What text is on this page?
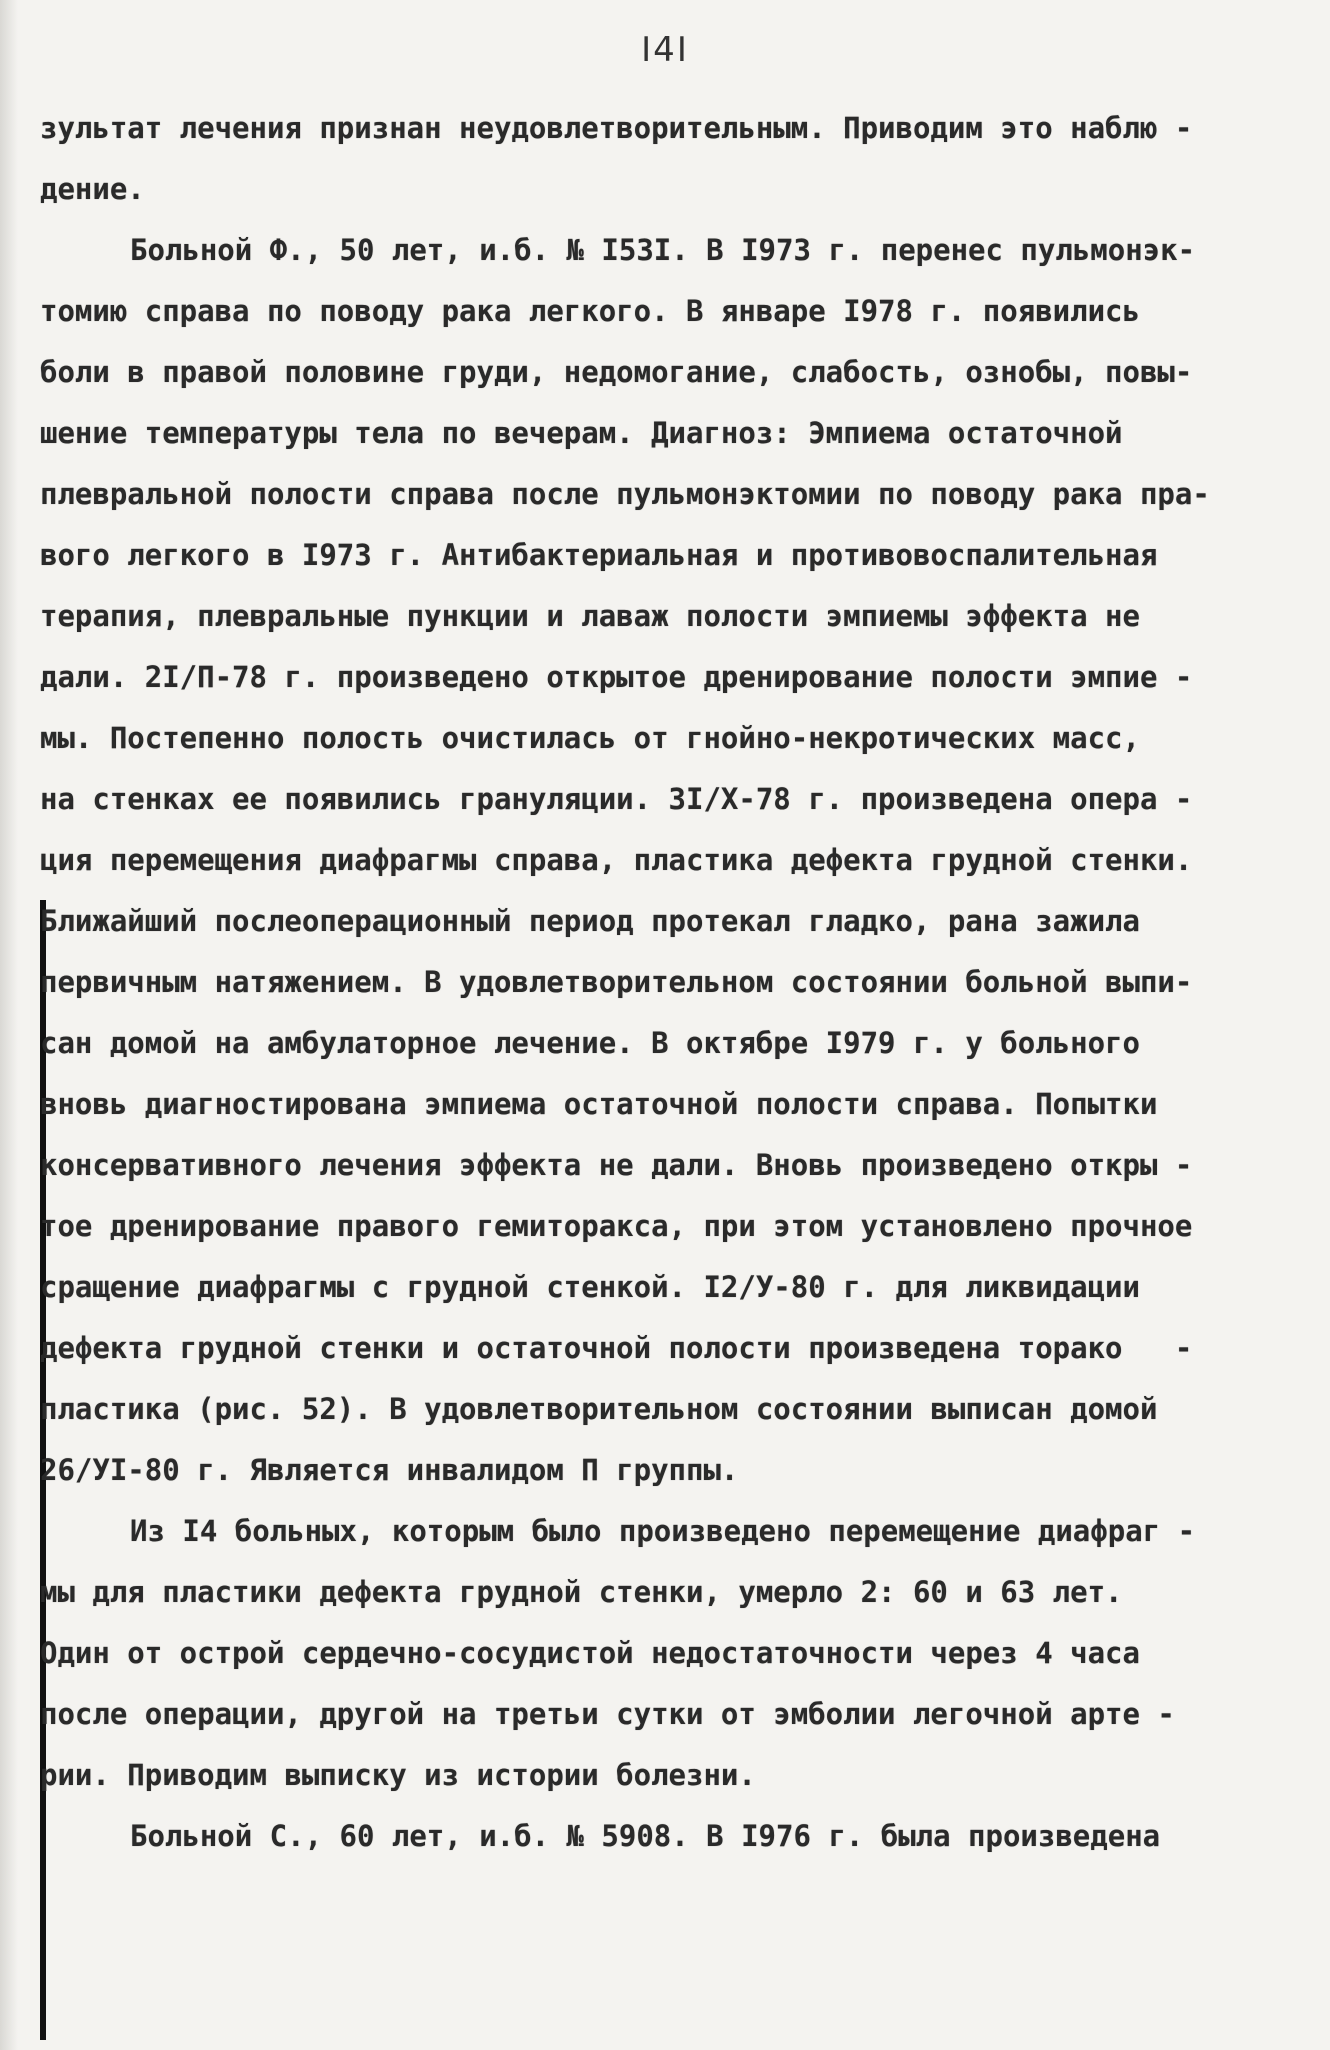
I4I
зультат лечения признан неудовлетворительным. Приводим это наблю -
дение.
Больной Ф., 50 лет, и.б. № I53I. В I973 г. перенес пульмонэк-
томию справа по поводу рака легкого. В январе I978 г. появились
боли в правой половине груди, недомогание, слабость, ознобы, повы-
шение температуры тела по вечерам. Диагноз: Эмпиема остаточной
плевральной полости справа после пульмонэктомии по поводу рака пра-
вого легкого в I973 г. Антибактериальная и противовоспалительная
терапия, плевральные пункции и лаваж полости эмпиемы эффекта не
дали. 2I/П-78 г. произведено открытое дренирование полости эмпие -
мы. Постепенно полость очистилась от гнойно-некротических масс,
на стенках ее появились грануляции. 3I/Х-78 г. произведена опера -
ция перемещения диафрагмы справа, пластика дефекта грудной стенки.
Ближайший послеоперационный период протекал гладко, рана зажила
первичным натяжением. В удовлетворительном состоянии больной выпи-
сан домой на амбулаторное лечение. В октябре I979 г. у больного
вновь диагностирована эмпиема остаточной полости справа. Попытки
консервативного лечения эффекта не дали. Вновь произведено откры -
тое дренирование правого гемиторакса, при этом установлено прочное
сращение диафрагмы с грудной стенкой. I2/У-80 г. для ликвидации
дефекта грудной стенки и остаточной полости произведена торако   -
пластика (рис. 52). В удовлетворительном состоянии выписан домой
26/УI-80 г. Является инвалидом П группы.
Из I4 больных, которым было произведено перемещение диафраг -
мы для пластики дефекта грудной стенки, умерло 2: 60 и 63 лет.
Один от острой сердечно-сосудистой недостаточности через 4 часа
после операции, другой на третьи сутки от эмболии легочной арте -
рии. Приводим выписку из истории болезни.
Больной С., 60 лет, и.б. № 5908. В I976 г. была произведена
